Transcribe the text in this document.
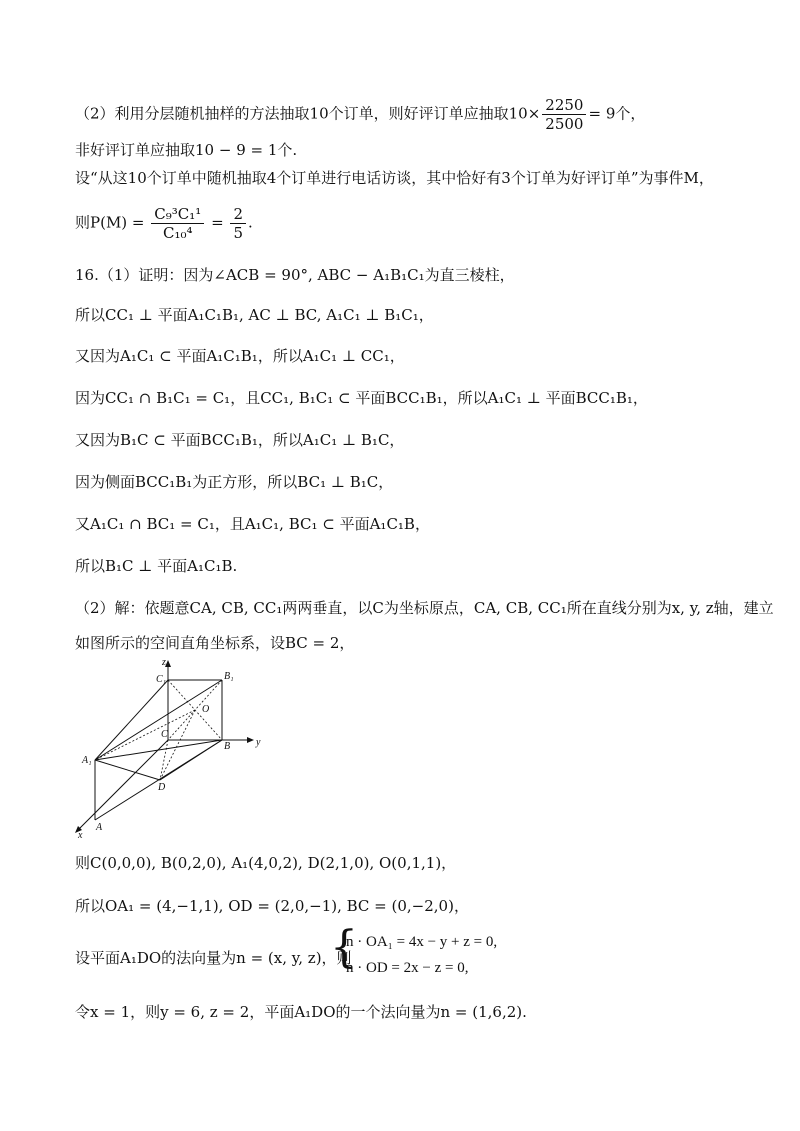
（2）利用分层随机抽样的方法抽取10个订单，则好评订单应抽取$10\times \frac{2250}{2500} = 9$个，
非好评订单应抽取10 − 9 = 1个.
设“从这10个订单中随机抽取4个订单进行电话访谈，其中恰好有3个订单为好评订单”为事件M，
则$P(M) = \frac{\text{C₉³C₁¹}}{\text{C₁₀⁴}} = \frac{2}{5}$ .
16.（1）证明：因为∠ACB = 90°, ABC − A₁B₁C₁为直三棱柱，
所以CC₁ ⊥ 平面A₁C₁B₁, AC ⊥ BC, A₁C₁ ⊥ B₁C₁，
又因为A₁C₁ ⊂ 平面A₁C₁B₁，所以A₁C₁ ⊥ CC₁，
因为CC₁ ∩ B₁C₁ = C₁，且CC₁, B₁C₁ ⊂ 平面BCC₁B₁，所以A₁C₁ ⊥ 平面BCC₁B₁，
又因为B₁C ⊂ 平面BCC₁B₁，所以A₁C₁ ⊥ B₁C，
因为侧面BCC₁B₁为正方形，所以BC₁ ⊥ B₁C，
又A₁C₁ ∩ BC₁ = C₁，且A₁C₁, BC₁ ⊂ 平面A₁C₁B，
所以B₁C ⊥ 平面A₁C₁B.
（2）解：依题意CA, CB, CC₁两两垂直，以C为坐标原点，CA, CB, CC₁所在直线分别为x, y, z轴，建立
如图所示的空间直角坐标系，设BC = 2，
z
y
x
C₁	B₁
O
C
B
A₁
D
A
则C(0,0,0), B(0,2,0), A₁(4,0,2), D(2,1,0), O(0,1,1)，
所以OA₁ = (4,−1,1), OD = (2,0,−1), BC = (0,−2,0)，
设平面A₁DO的法向量为n = (x, y, z)，则
{
n · OA₁ = 4x − y + z = 0,
n · OD = 2x − z = 0,
令x = 1，则y = 6, z = 2，平面A₁DO的一个法向量为n = (1,6,2).
